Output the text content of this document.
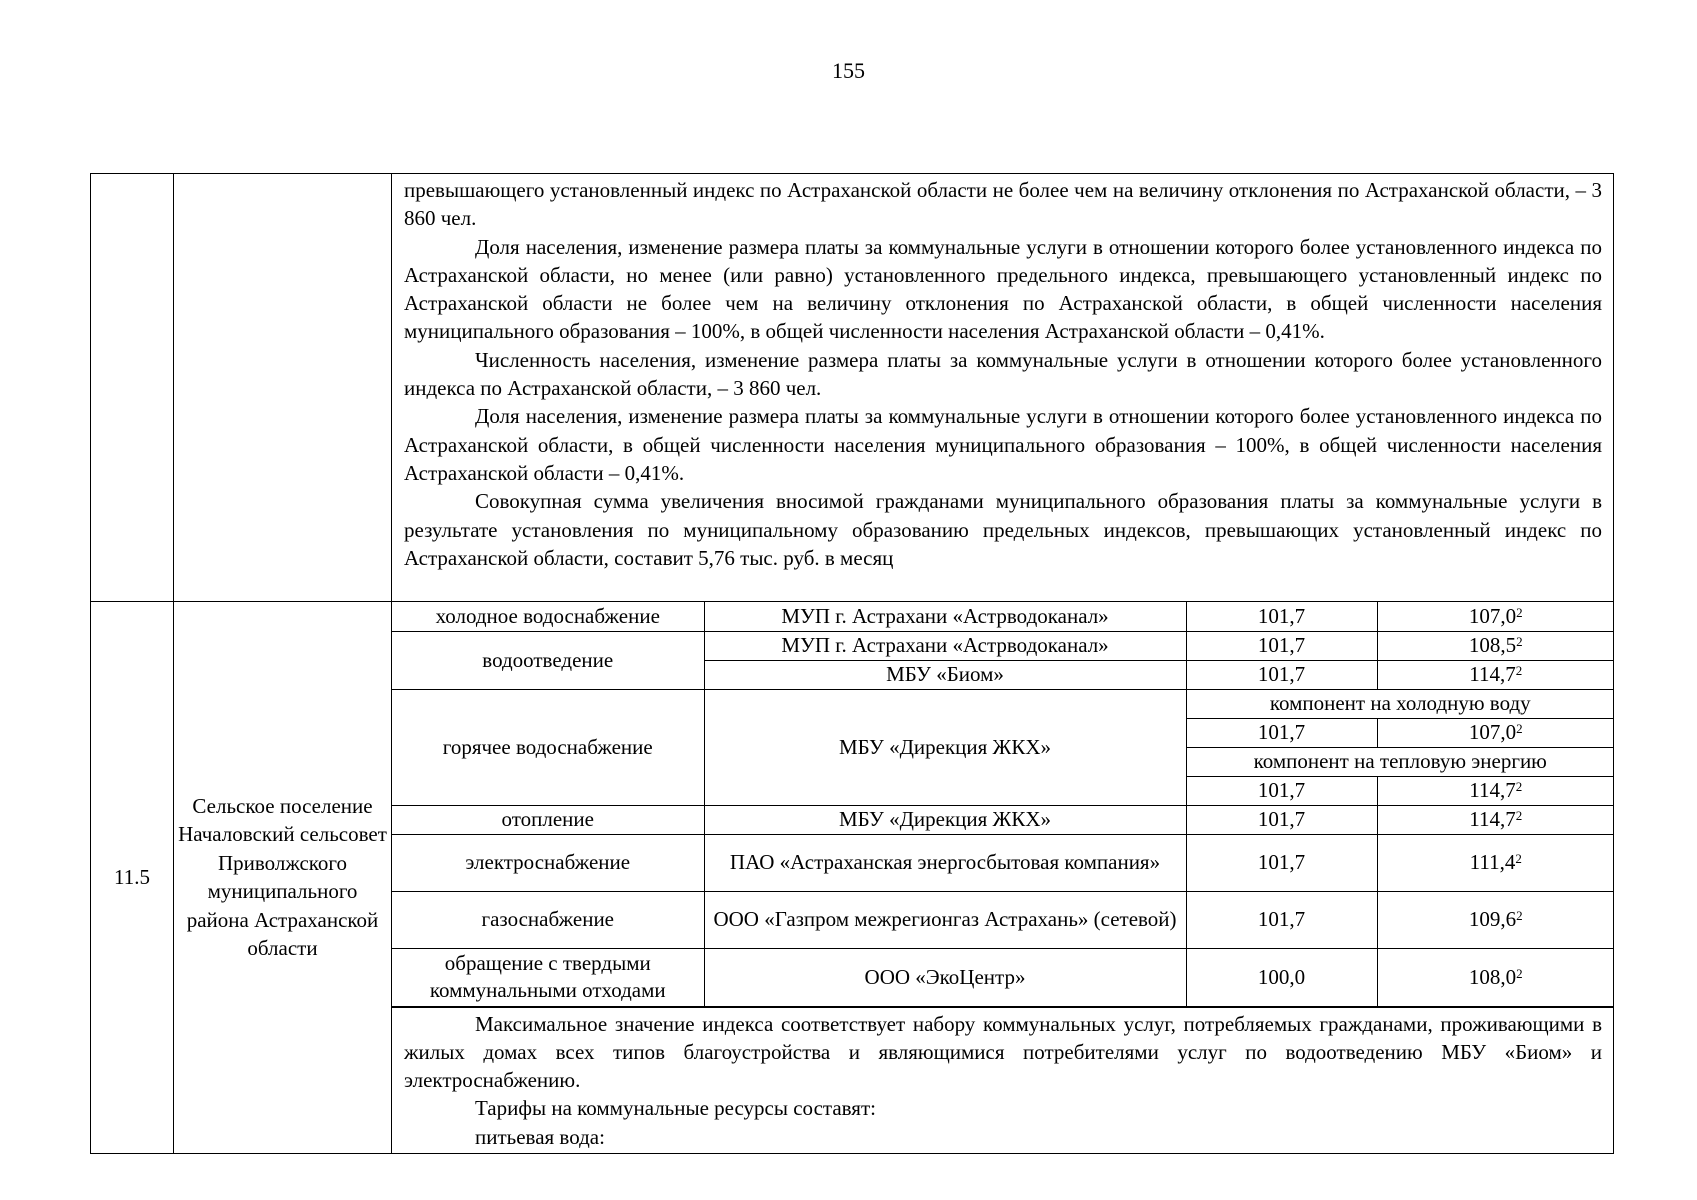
155

превышающего установленный индекс по Астраханской области не более чем на величину отклонения по Астраханской области, – 3 860 чел.

Доля населения, изменение размера платы за коммунальные услуги в отношении которого более установленного индекса по Астраханской области, но менее (или равно) установленного предельного индекса, превышающего установленный индекс по Астраханской области не более чем на величину отклонения по Астраханской области, в общей численности населения муниципального образования – 100%, в общей численности населения Астраханской области – 0,41%.

Численность населения, изменение размера платы за коммунальные услуги в отношении которого более установленного индекса по Астраханской области, – 3 860 чел.

Доля населения, изменение размера платы за коммунальные услуги в отношении которого более установленного индекса по Астраханской области, в общей численности населения муниципального образования – 100%, в общей численности населения Астраханской области – 0,41%.

Совокупная сумма увеличения вносимой гражданами муниципального образования платы за коммунальные услуги в результате установления по муниципальному образованию предельных индексов, превышающих установленный индекс по Астраханской области, составит 5,76 тыс. руб. в месяц

11.5	Сельское поселение Началовский сельсовет Приволжского муниципального района Астраханской области	
холодное водоснабжение	МУП г. Астрахани «Астрводоканал»	101,7	107,0$^2$
водоотведение	МУП г. Астрахани «Астрводоканал»	101,7	108,5$^2$
МБУ «Биом»	101,7	114,7$^2$
горячее водоснабжение	МБУ «Дирекция ЖКХ»	компонент на холодную воду
101,7	107,0$^2$
компонент на тепловую энергию
101,7	114,7$^2$
отопление	МБУ «Дирекция ЖКХ»	101,7	114,7$^2$
электроснабжение	ПАО «Астраханская энергосбытовая компания»	101,7	111,4$^2$
газоснабжение	ООО «Газпром межрегионгаз Астрахань» (сетевой)	101,7	109,6$^2$
обращение с твердыми коммунальными отходами	ООО «ЭкоЦентр»	100,0	108,0$^2$

Максимальное значение индекса соответствует набору коммунальных услуг, потребляемых гражданами, проживающими в жилых домах всех типов благоустройства и являющимися потребителями услуг по водоотведению МБУ «Биом» и электроснабжению.

Тарифы на коммунальные ресурсы составят:

питьевая вода:
